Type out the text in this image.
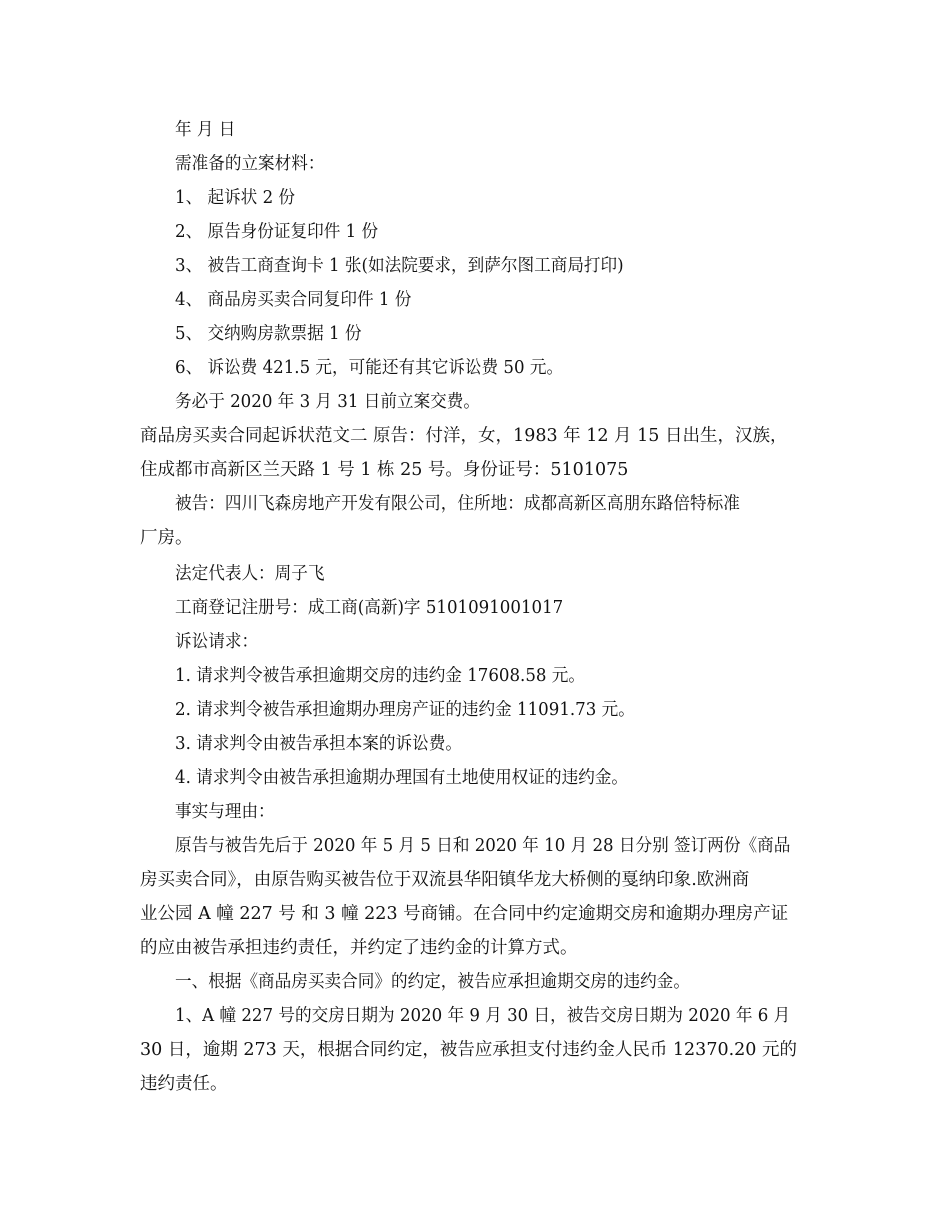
年 月 日
需准备的立案材料：
1、 起诉状 2 份
2、 原告身份证复印件 1 份
3、 被告工商查询卡 1 张(如法院要求，到萨尔图工商局打印)
4、 商品房买卖合同复印件 1 份
5、 交纳购房款票据 1 份
6、 诉讼费 421.5 元，可能还有其它诉讼费 50 元。
务必于 2020 年 3 月 31 日前立案交费。
商品房买卖合同起诉状范文二 原告：付洋，女，1983 年 12 月 15 日出生，汉族，
住成都市高新区兰天路 1 号 1 栋 25 号。身份证号：5101075
被告：四川飞森房地产开发有限公司，住所地：成都高新区高朋东路倍特标准
厂房。
法定代表人：周子飞
工商登记注册号：成工商(高新)字 5101091001017
诉讼请求：
1. 请求判令被告承担逾期交房的违约金 17608.58 元。
2. 请求判令被告承担逾期办理房产证的违约金 11091.73 元。
3. 请求判令由被告承担本案的诉讼费。
4. 请求判令由被告承担逾期办理国有土地使用权证的违约金。
事实与理由：
原告与被告先后于 2020 年 5 月 5 日和 2020 年 10 月 28 日分别 签订两份《商品
房买卖合同》，由原告购买被告位于双流县华阳镇华龙大桥侧的戛纳印象.欧洲商
业公园 A 幢 227 号 和 3 幢 223 号商铺。在合同中约定逾期交房和逾期办理房产证
的应由被告承担违约责任，并约定了违约金的计算方式。
一、根据《商品房买卖合同》的约定，被告应承担逾期交房的违约金。
1、A 幢 227 号的交房日期为 2020 年 9 月 30 日，被告交房日期为 2020 年 6 月
30 日，逾期 273 天，根据合同约定，被告应承担支付违约金人民币 12370.20 元的
违约责任。
